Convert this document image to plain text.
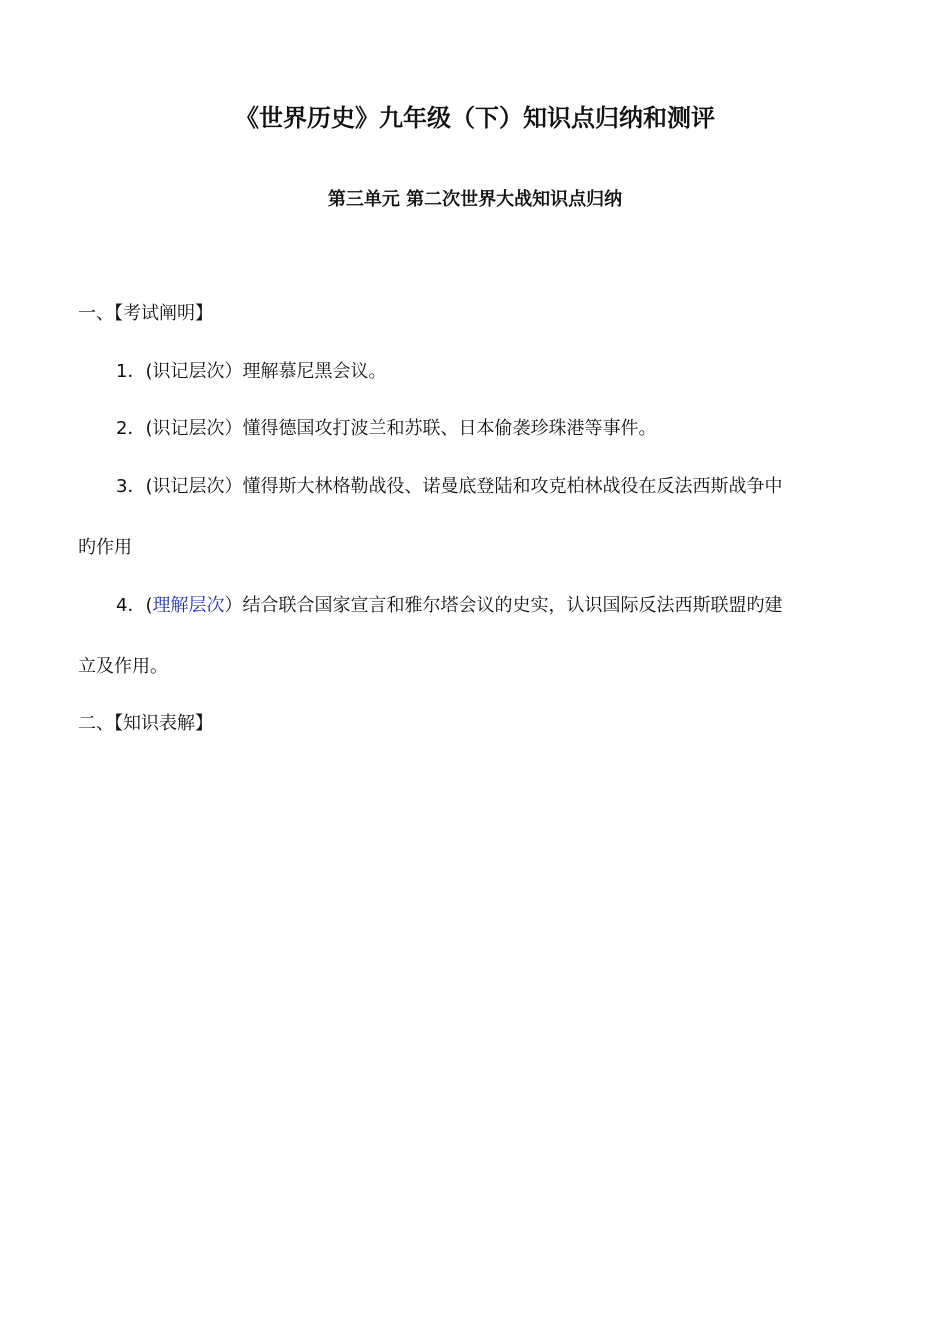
《世界历史》九年级（下）知识点归纳和测评
第三单元 第二次世界大战知识点归纳
一、【考试阐明】
1．(识记层次）理解慕尼黑会议。
2．(识记层次）懂得德国攻打波兰和苏联、日本偷袭珍珠港等事件。
3．(识记层次）懂得斯大林格勒战役、诺曼底登陆和攻克柏林战役在反法西斯战争中
旳作用
4．(理解层次）结合联合国家宣言和雅尔塔会议的史实，认识国际反法西斯联盟旳建
立及作用。
二、【知识表解】
